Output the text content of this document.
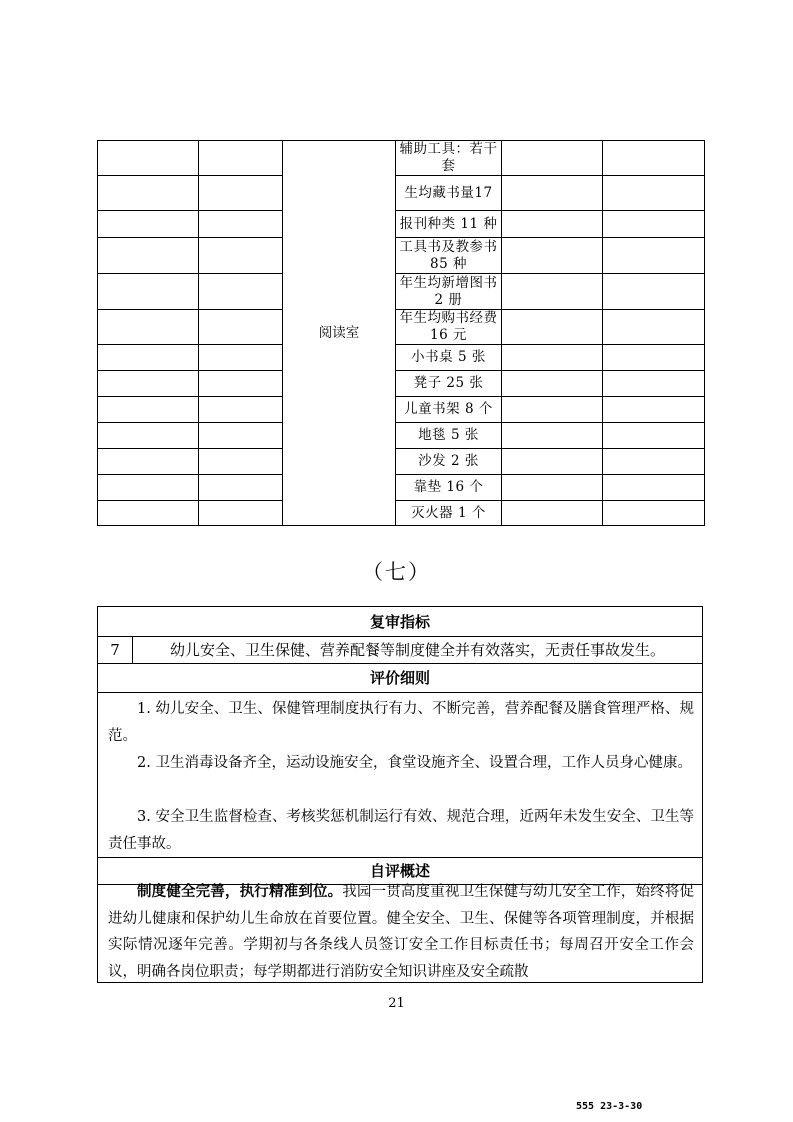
		阅读室	辅助工具：若干套		
			生均藏书量17		
			报刊种类 11 种		
			工具书及教参书 85 种		
			年生均新增图书 2 册		
			年生均购书经费 16 元		
			小书桌 5 张		
			凳子 25 张		
			儿童书架 8 个		
			地毯 5 张		
			沙发 2 张		
			靠垫 16 个		
			灭火器 1 个		
（七）
复审指标
7	幼儿安全、卫生保健、营养配餐等制度健全并有效落实，无责任事故发生。
评价细则
1. 幼儿安全、卫生、保健管理制度执行有力、不断完善，营养配餐及膳食管理严格、规范。
2. 卫生消毒设备齐全，运动设施安全，食堂设施齐全、设置合理，工作人员身心健康。
3. 安全卫生监督检查、考核奖惩机制运行有效、规范合理，近两年未发生安全、卫生等责任事故。
自评概述
制度健全完善，执行精准到位。我园一贯高度重视卫生保健与幼儿安全工作，始终将促进幼儿健康和保护幼儿生命放在首要位置。健全安全、卫生、保健等各项管理制度，并根据实际情况逐年完善。学期初与各条线人员签订安全工作目标责任书；每周召开安全工作会议，明确各岗位职责；每学期都进行消防安全知识讲座及安全疏散
21
555 23-3-30
